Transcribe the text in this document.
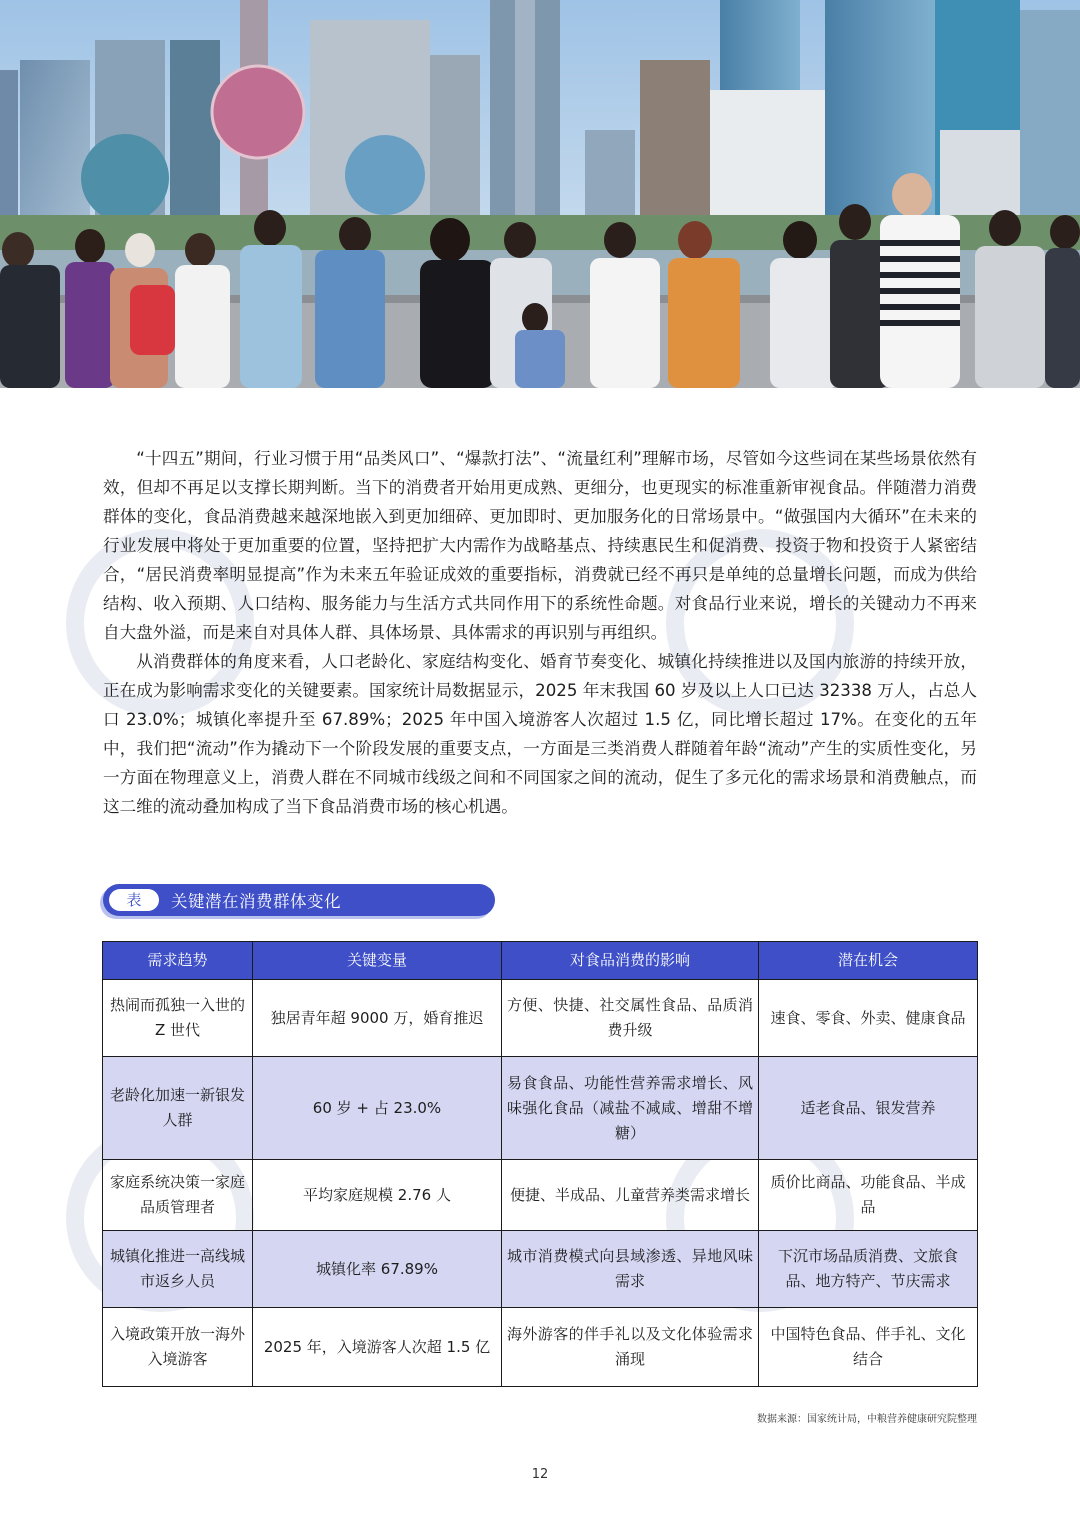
“十四五”期间，行业习惯于用“品类风口”、“爆款打法”、“流量红利”理解市场，尽管如今这些词在某些场景依然有效，但却不再足以支撑长期判断。当下的消费者开始用更成熟、更细分，也更现实的标准重新审视食品。伴随潜力消费群体的变化，食品消费越来越深地嵌入到更加细碎、更加即时、更加服务化的日常场景中。“做强国内大循环”在未来的行业发展中将处于更加重要的位置，坚持把扩大内需作为战略基点、持续惠民生和促消费、投资于物和投资于人紧密结合，“居民消费率明显提高”作为未来五年验证成效的重要指标，消费就已经不再只是单纯的总量增长问题，而成为供给结构、收入预期、人口结构、服务能力与生活方式共同作用下的系统性命题。对食品行业来说，增长的关键动力不再来自大盘外溢，而是来自对具体人群、具体场景、具体需求的再识别与再组织。

从消费群体的角度来看，人口老龄化、家庭结构变化、婚育节奏变化、城镇化持续推进以及国内旅游的持续开放，正在成为影响需求变化的关键要素。国家统计局数据显示，2025 年末我国 60 岁及以上人口已达 32338 万人，占总人口 23.0%；城镇化率提升至 67.89%；2025 年中国入境游客人次超过 1.5 亿，同比增长超过 17%。在变化的五年中，我们把“流动”作为撬动下一个阶段发展的重要支点，一方面是三类消费人群随着年龄“流动”产生的实质性变化，另一方面在物理意义上，消费人群在不同城市线级之间和不同国家之间的流动，促生了多元化的需求场景和消费触点，而这二维的流动叠加构成了当下食品消费市场的核心机遇。

表	关键潜在消费群体变化
需求趋势	关键变量	对食品消费的影响	潜在机会
热闹而孤独一入世的 Z 世代	独居青年超 9000 万，婚育推迟	方便、快捷、社交属性食品、品质消费升级	速食、零食、外卖、健康食品
老龄化加速一新银发人群	60 岁 + 占 23.0%	易食食品、功能性营养需求增长、风味强化食品（减盐不减咸、增甜不增糖）	适老食品、银发营养
家庭系统决策一家庭品质管理者	平均家庭规模 2.76 人	便捷、半成品、儿童营养类需求增长	质价比商品、功能食品、半成品
城镇化推进一高线城市返乡人员	城镇化率 67.89%	城市消费模式向县域渗透、异地风味需求	下沉市场品质消费、文旅食品、地方特产、节庆需求
入境政策开放一海外入境游客	2025 年，入境游客人次超 1.5 亿	海外游客的伴手礼以及文化体验需求涌现	中国特色食品、伴手礼、文化结合
数据来源：国家统计局，中粮营养健康研究院整理
12
